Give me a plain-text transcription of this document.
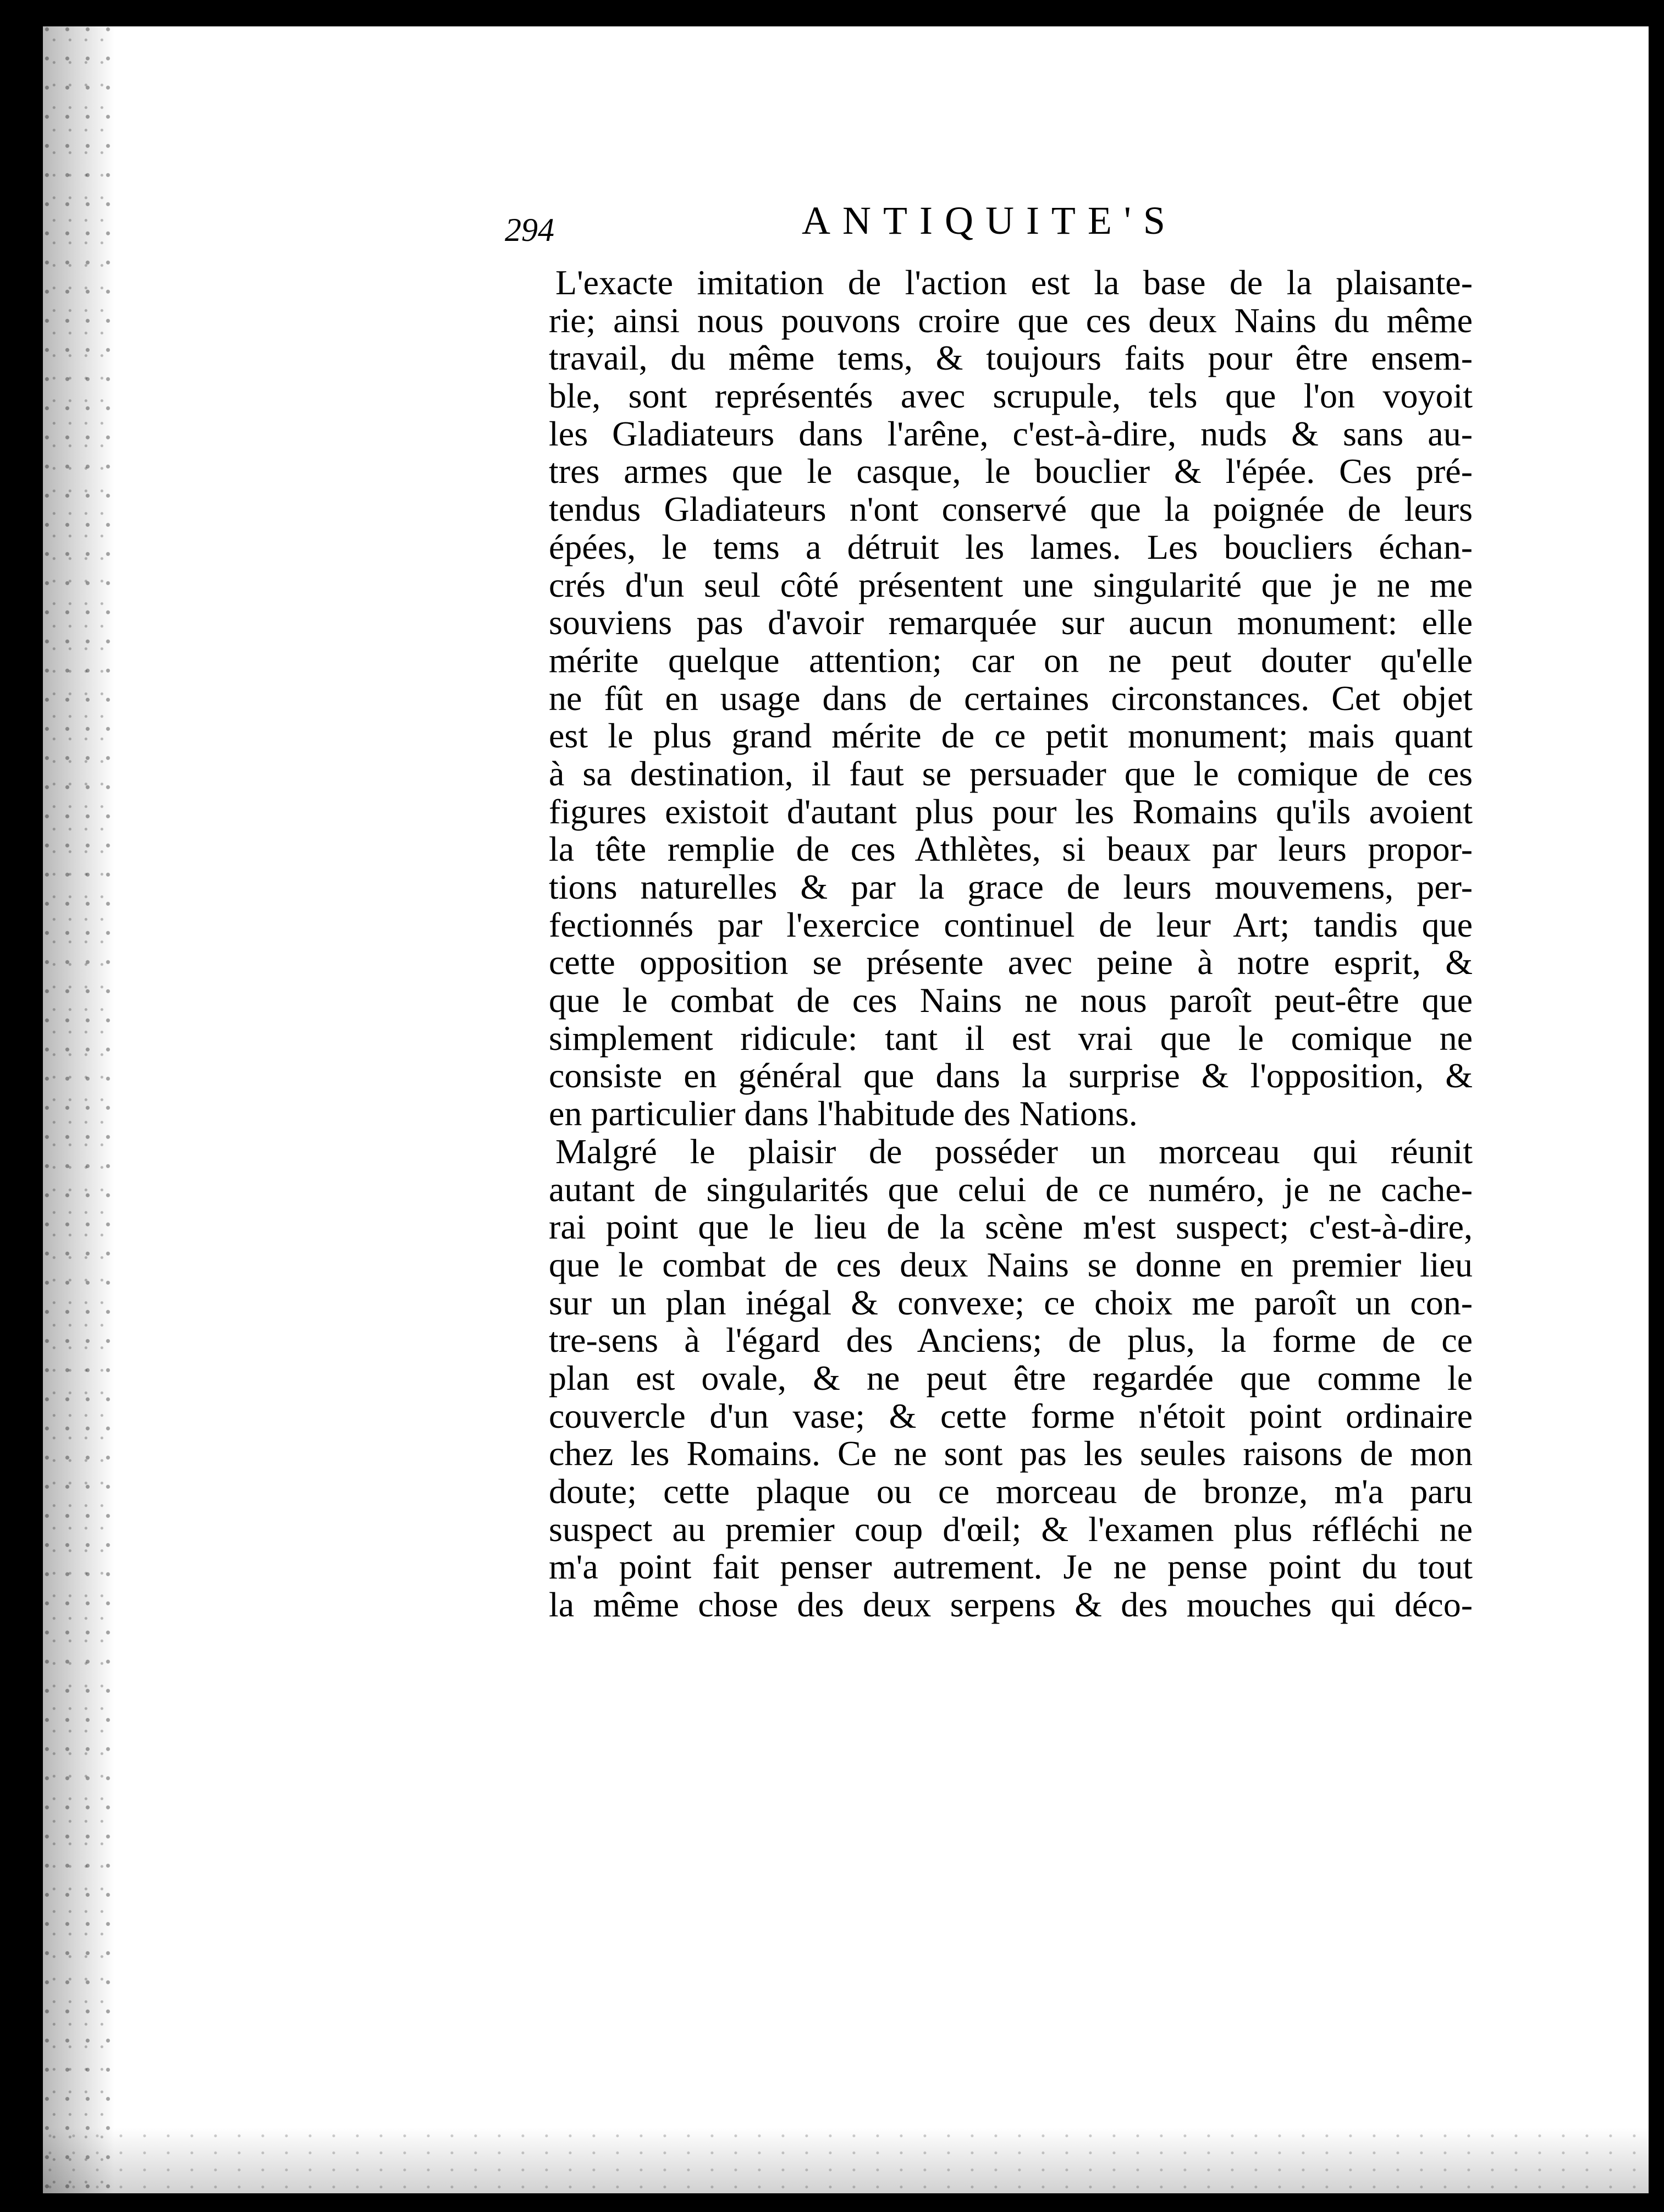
294	ANTIQUITE'S
L'exacte imitation de l'action est la base de la plaisante-
rie; ainsi nous pouvons croire que ces deux Nains du même
travail, du même tems, & toujours faits pour être ensem-
ble, sont représentés avec scrupule, tels que l'on voyoit
les Gladiateurs dans l'arêne, c'est-à-dire, nuds & sans au-
tres armes que le casque, le bouclier & l'épée. Ces pré-
tendus Gladiateurs n'ont conservé que la poignée de leurs
épées, le tems a détruit les lames. Les boucliers échan-
crés d'un seul côté présentent une singularité que je ne me
souviens pas d'avoir remarquée sur aucun monument: elle
mérite quelque attention; car on ne peut douter qu'elle
ne fût en usage dans de certaines circonstances. Cet objet
est le plus grand mérite de ce petit monument; mais quant
à sa destination, il faut se persuader que le comique de ces
figures existoit d'autant plus pour les Romains qu'ils avoient
la tête remplie de ces Athlètes, si beaux par leurs propor-
tions naturelles & par la grace de leurs mouvemens, per-
fectionnés par l'exercice continuel de leur Art; tandis que
cette opposition se présente avec peine à notre esprit, &
que le combat de ces Nains ne nous paroît peut-être que
simplement ridicule: tant il est vrai que le comique ne
consiste en général que dans la surprise & l'opposition, &
en particulier dans l'habitude des Nations.
Malgré le plaisir de posséder un morceau qui réunit
autant de singularités que celui de ce numéro, je ne cache-
rai point que le lieu de la scène m'est suspect; c'est-à-dire,
que le combat de ces deux Nains se donne en premier lieu
sur un plan inégal & convexe; ce choix me paroît un con-
tre-sens à l'égard des Anciens; de plus, la forme de ce
plan est ovale, & ne peut être regardée que comme le
couvercle d'un vase; & cette forme n'étoit point ordinaire
chez les Romains. Ce ne sont pas les seules raisons de mon
doute; cette plaque ou ce morceau de bronze, m'a paru
suspect au premier coup d'œil; & l'examen plus réfléchi ne
m'a point fait penser autrement. Je ne pense point du tout
la même chose des deux serpens & des mouches qui déco-
